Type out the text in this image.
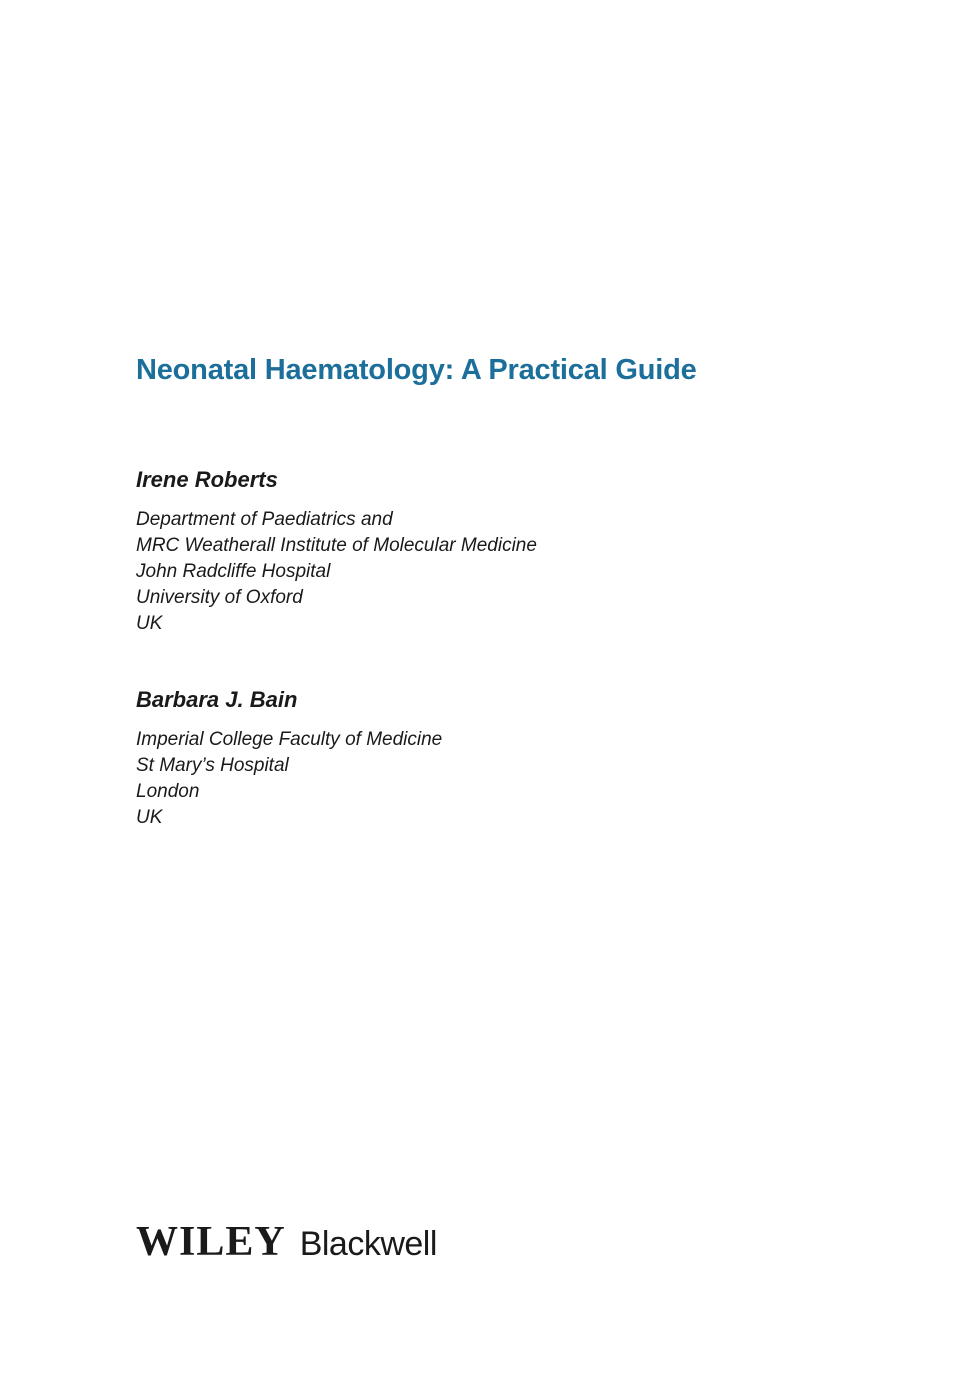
Neonatal Haematology: A Practical Guide
Irene Roberts
Department of Paediatrics and
MRC Weatherall Institute of Molecular Medicine
John Radcliffe Hospital
University of Oxford
UK
Barbara J. Bain
Imperial College Faculty of Medicine
St Mary’s Hospital
London
UK
WILEY Blackwell
